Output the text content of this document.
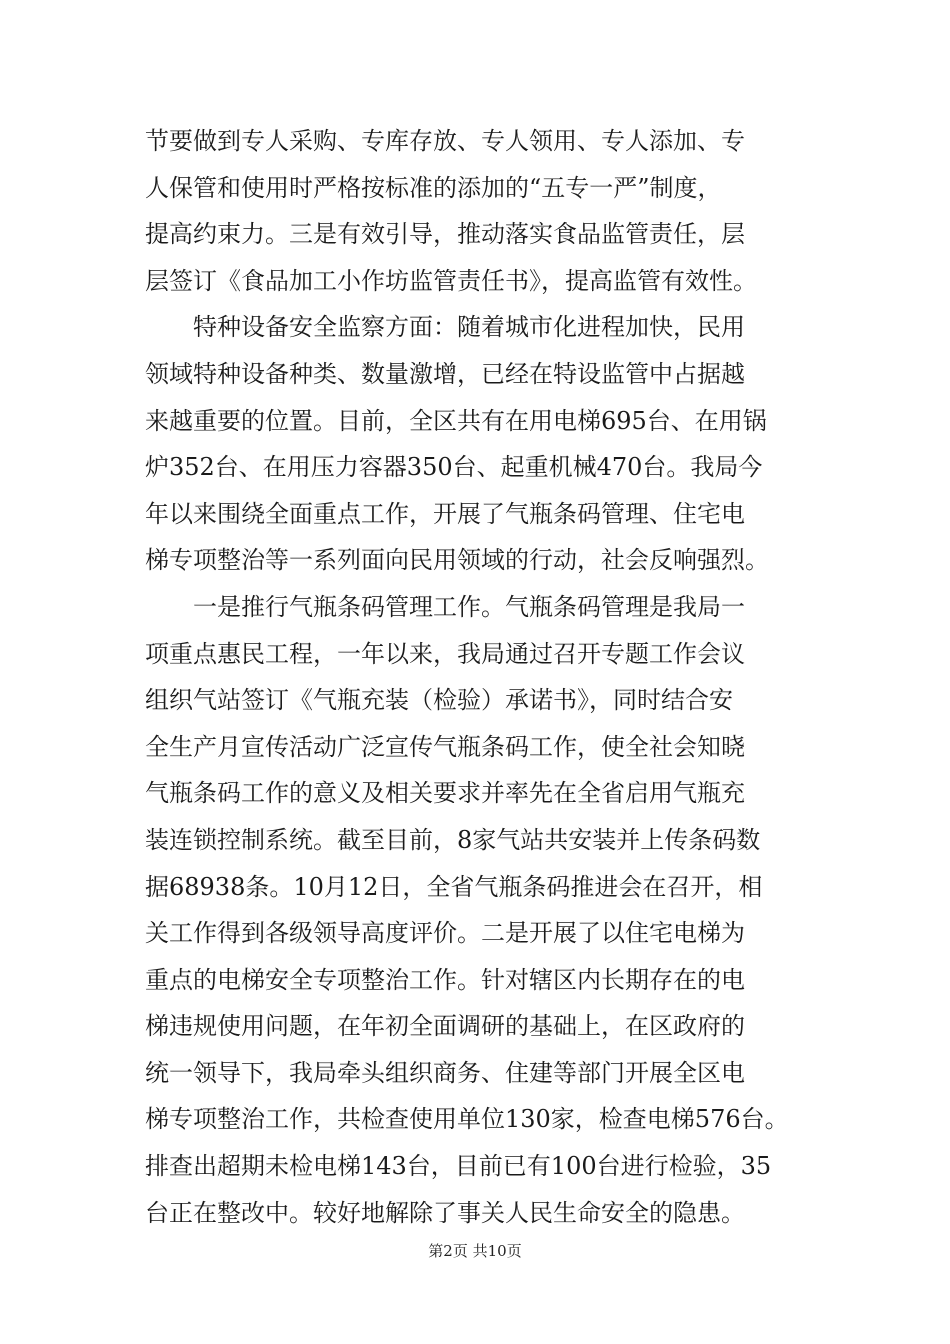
节要做到专人采购、专库存放、专人领用、专人添加、专
人保管和使用时严格按标准的添加的“五专一严”制度，
提高约束力。三是有效引导，推动落实食品监管责任，层
层签订《食品加工小作坊监管责任书》，提高监管有效性。
　　特种设备安全监察方面：随着城市化进程加快，民用
领域特种设备种类、数量激增，已经在特设监管中占据越
来越重要的位置。目前，全区共有在用电梯695台、在用锅
炉352台、在用压力容器350台、起重机械470台。我局今
年以来围绕全面重点工作，开展了气瓶条码管理、住宅电
梯专项整治等一系列面向民用领域的行动，社会反响强烈。
　　一是推行气瓶条码管理工作。气瓶条码管理是我局一
项重点惠民工程，一年以来，我局通过召开专题工作会议
组织气站签订《气瓶充装（检验）承诺书》，同时结合安
全生产月宣传活动广泛宣传气瓶条码工作，使全社会知晓
气瓶条码工作的意义及相关要求并率先在全省启用气瓶充
装连锁控制系统。截至目前，8家气站共安装并上传条码数
据68938条。10月12日，全省气瓶条码推进会在召开，相
关工作得到各级领导高度评价。二是开展了以住宅电梯为
重点的电梯安全专项整治工作。针对辖区内长期存在的电
梯违规使用问题，在年初全面调研的基础上，在区政府的
统一领导下，我局牵头组织商务、住建等部门开展全区电
梯专项整治工作，共检查使用单位130家，检查电梯576台。
排查出超期未检电梯143台，目前已有100台进行检验，35
台正在整改中。较好地解除了事关人民生命安全的隐患。
第2页 共10页
